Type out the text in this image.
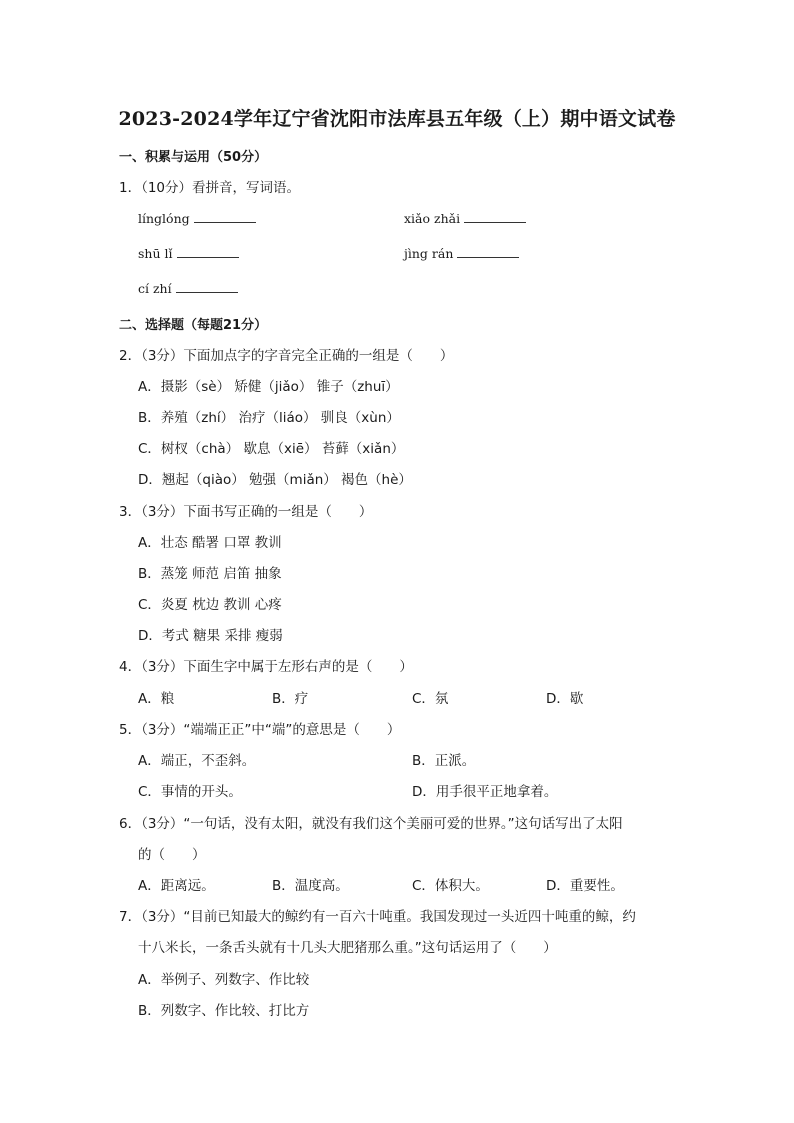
2023-2024学年辽宁省沈阳市法库县五年级（上）期中语文试卷
一、积累与运用（50分）
1．（10分）看拼音，写词语。
línglóng	xiǎo zhǎi
shū lǐ	jìng rán
cí zhí
二、选择题（每题21分）
2．（3分）下面加点字的字音完全正确的一组是（　　）
A．摄影（sè） 矫健（jiǎo） 锥子（zhuī）
B．养殖（zhí） 治疗（liáo） 驯良（xùn）
C．树杈（chà） 歇息（xiē） 苔藓（xiǎn）
D．翘起（qiào） 勉强（miǎn） 褐色（hè）
3．（3分）下面书写正确的一组是（　　）
A．壮态 酷署 口罩 教训
B．蒸笼 师范 启笛 抽象
C．炎夏 枕边 教训 心疼
D．考式 糖果 采排 瘦弱
4．（3分）下面生字中属于左形右声的是（　　）
A．粮	B．疗	C．氛	D．歇
5．（3分）“端端正正”中“端”的意思是（　　）
A．端正，不歪斜。	B．正派。
C．事情的开头。	D．用手很平正地拿着。
6．（3分）“一句话，没有太阳，就没有我们这个美丽可爱的世界。”这句话写出了太阳
的（　　）
A．距离远。	B．温度高。	C．体积大。	D．重要性。
7．（3分）“目前已知最大的鲸约有一百六十吨重。我国发现过一头近四十吨重的鲸，约
十八米长，一条舌头就有十几头大肥猪那么重。”这句话运用了（　　）
A．举例子、列数字、作比较
B．列数字、作比较、打比方
